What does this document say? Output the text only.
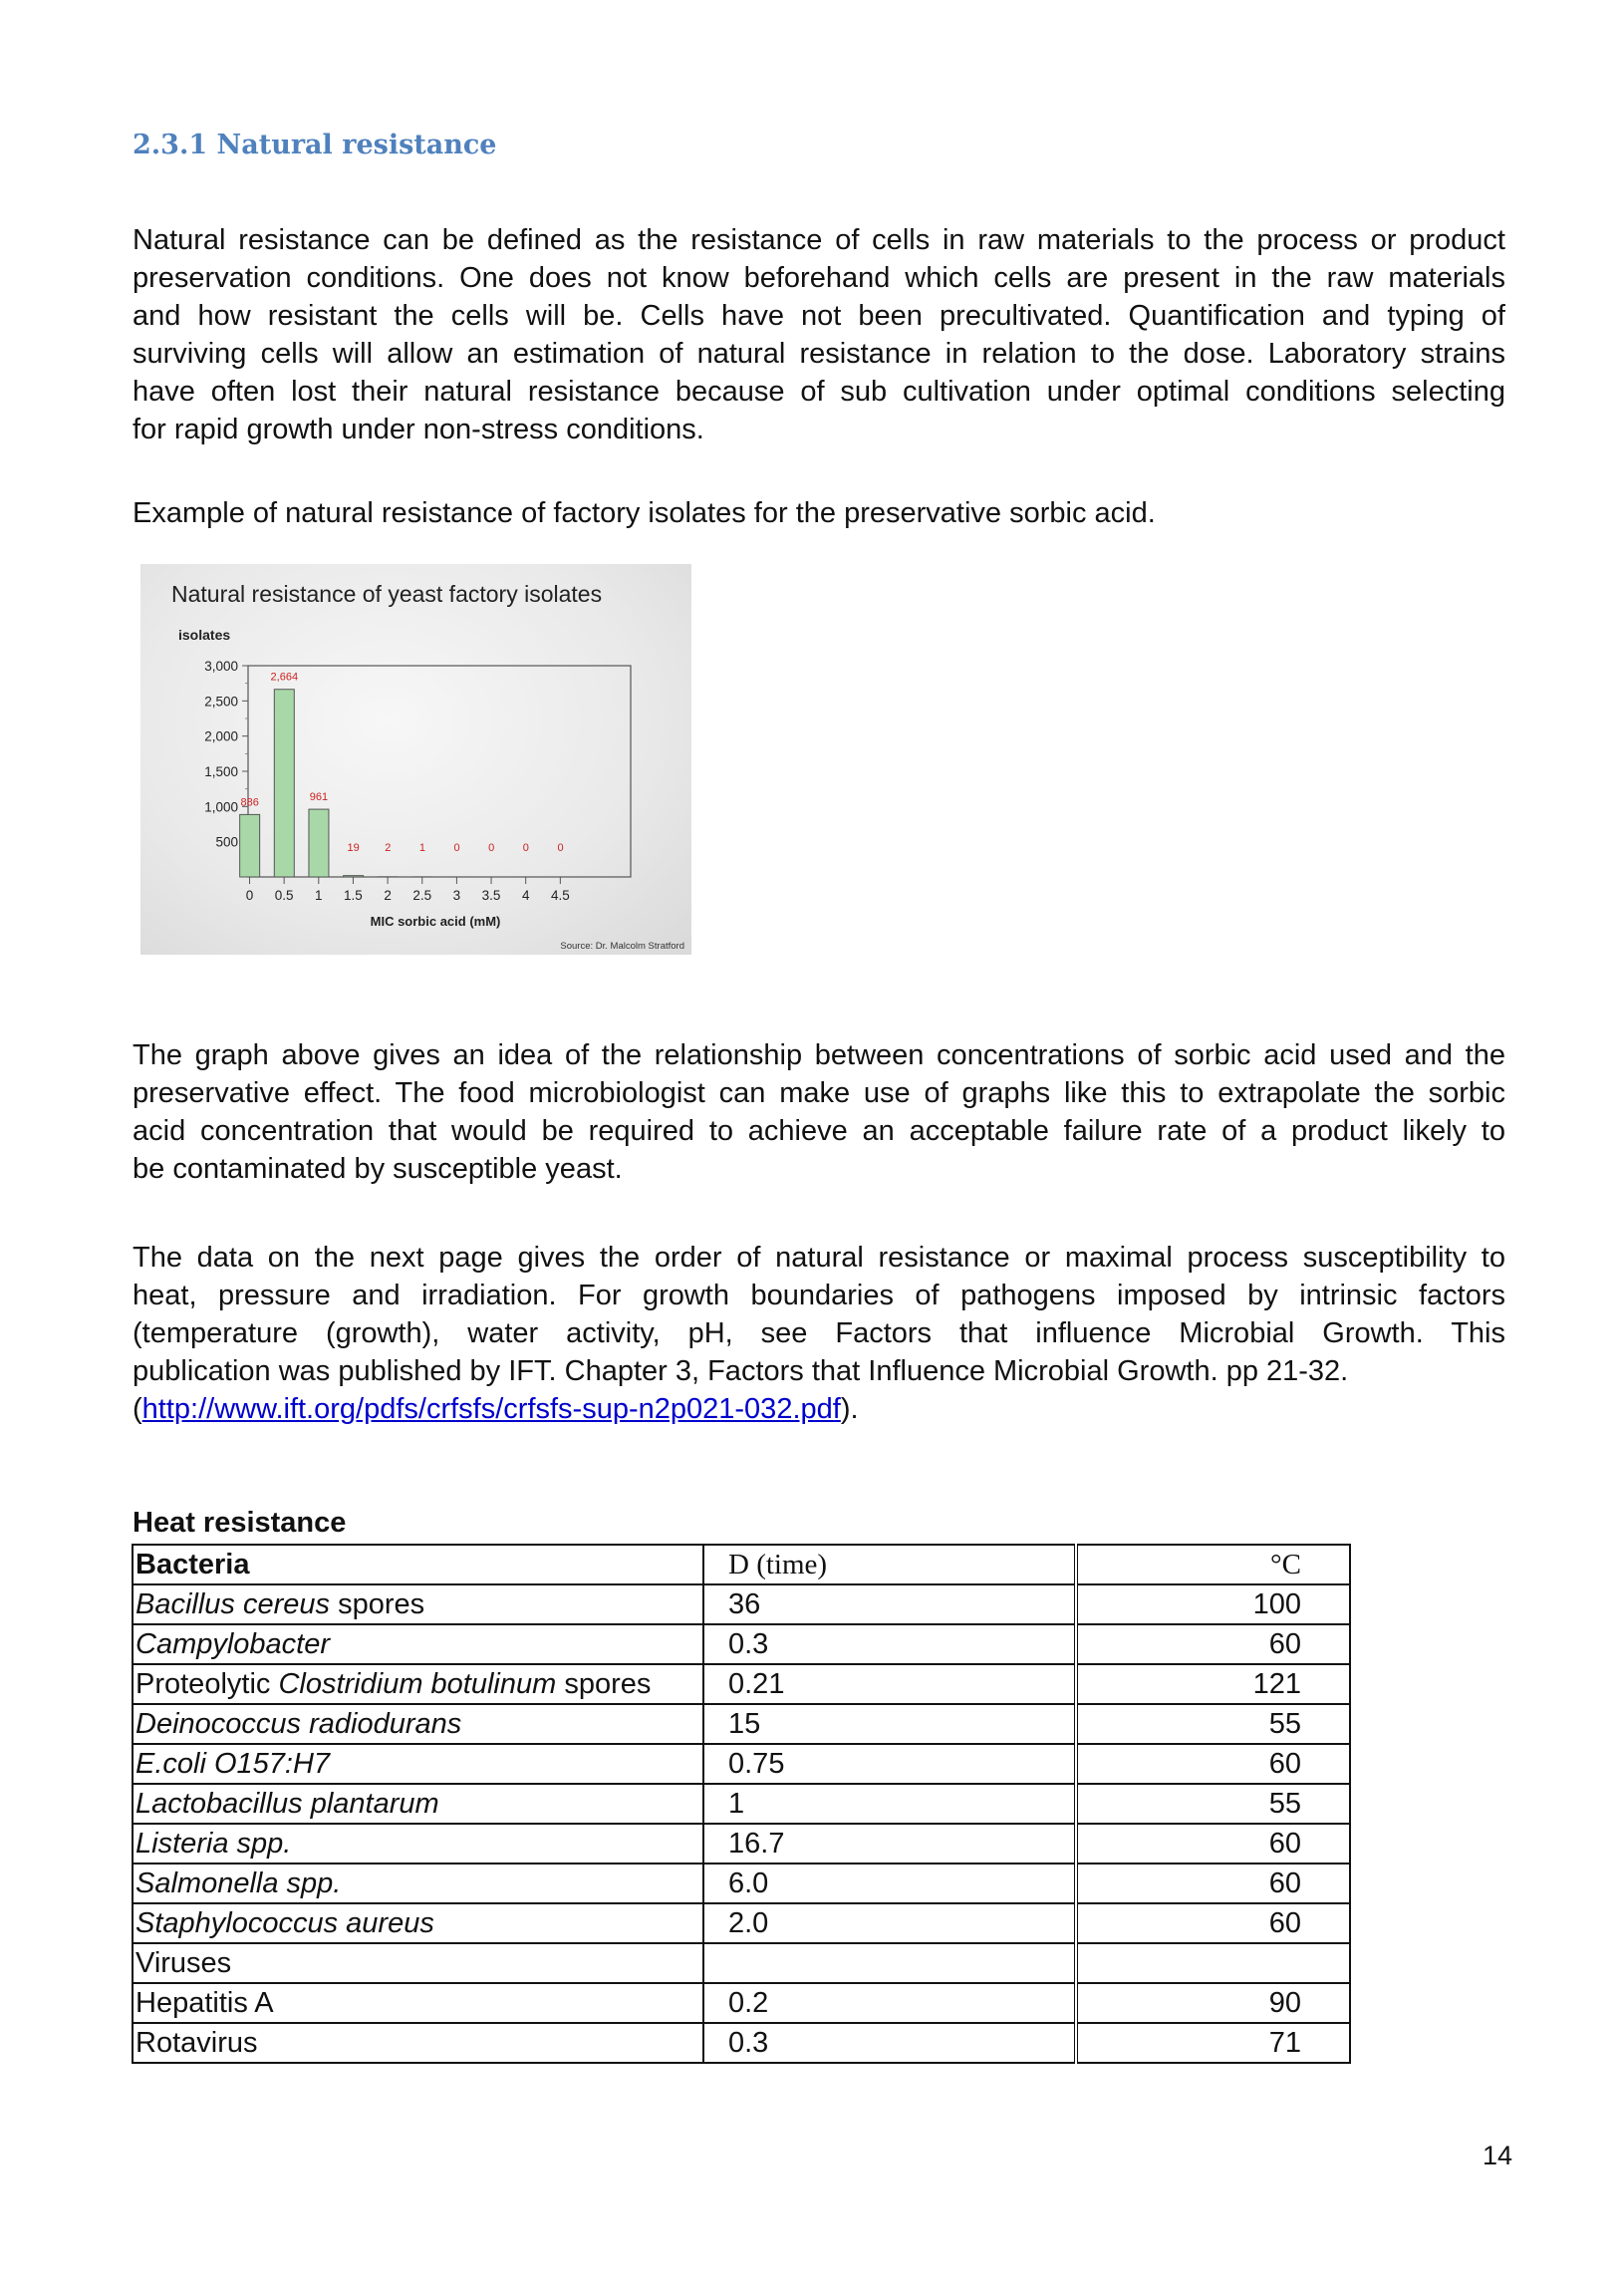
2.3.1 Natural resistance

Natural resistance can be defined as the resistance of cells in raw materials to the process or product
preservation conditions. One does not know beforehand which cells are present in the raw materials
and how resistant the cells will be. Cells have not been precultivated. Quantification and typing of
surviving cells will allow an estimation of natural resistance in relation to the dose. Laboratory strains
have often lost their natural resistance because of sub cultivation under optimal conditions selecting
for rapid growth under non-stress conditions.

Example of natural resistance of factory isolates for the preservative sorbic acid.

Natural resistance of yeast factory isolates
isolates
3,000
2,500
2,000
1,500
1,000
500
886
2,664
961
19 2	1	0	0	0	0
0 0.5 1 1.5 2 2.5 3 3.5 4 4.5
MIC sorbic acid (mM)
Source: Dr. Malcolm Stratford

The graph above gives an idea of the relationship between concentrations of sorbic acid used and the
preservative effect. The food microbiologist can make use of graphs like this to extrapolate the sorbic
acid concentration that would be required to achieve an acceptable failure rate of a product likely to
be contaminated by susceptible yeast.

The data on the next page gives the order of natural resistance or maximal process susceptibility to
heat, pressure and irradiation. For growth boundaries of pathogens imposed by intrinsic factors
(temperature (growth), water activity, pH, see Factors that influence Microbial Growth. This
publication was published by IFT. Chapter 3, Factors that Influence Microbial Growth. pp 21-32.
(http://www.ift.org/pdfs/crfsfs/crfsfs-sup-n2p021-032.pdf).

Heat resistance

Bacteria	D (time)	°C
Bacillus cereus spores	36	100
Campylobacter	0.3	60
Proteolytic Clostridium botulinum spores	0.21	121
Deinococcus radiodurans	15	55
E.coli O157:H7	0.75	60
Lactobacillus plantarum	1	55
Listeria spp.	16.7	60
Salmonella spp.	6.0	60
Staphylococcus aureus	2.0	60
Viruses		
Hepatitis A	0.2	90
Rotavirus	0.3	71
14
